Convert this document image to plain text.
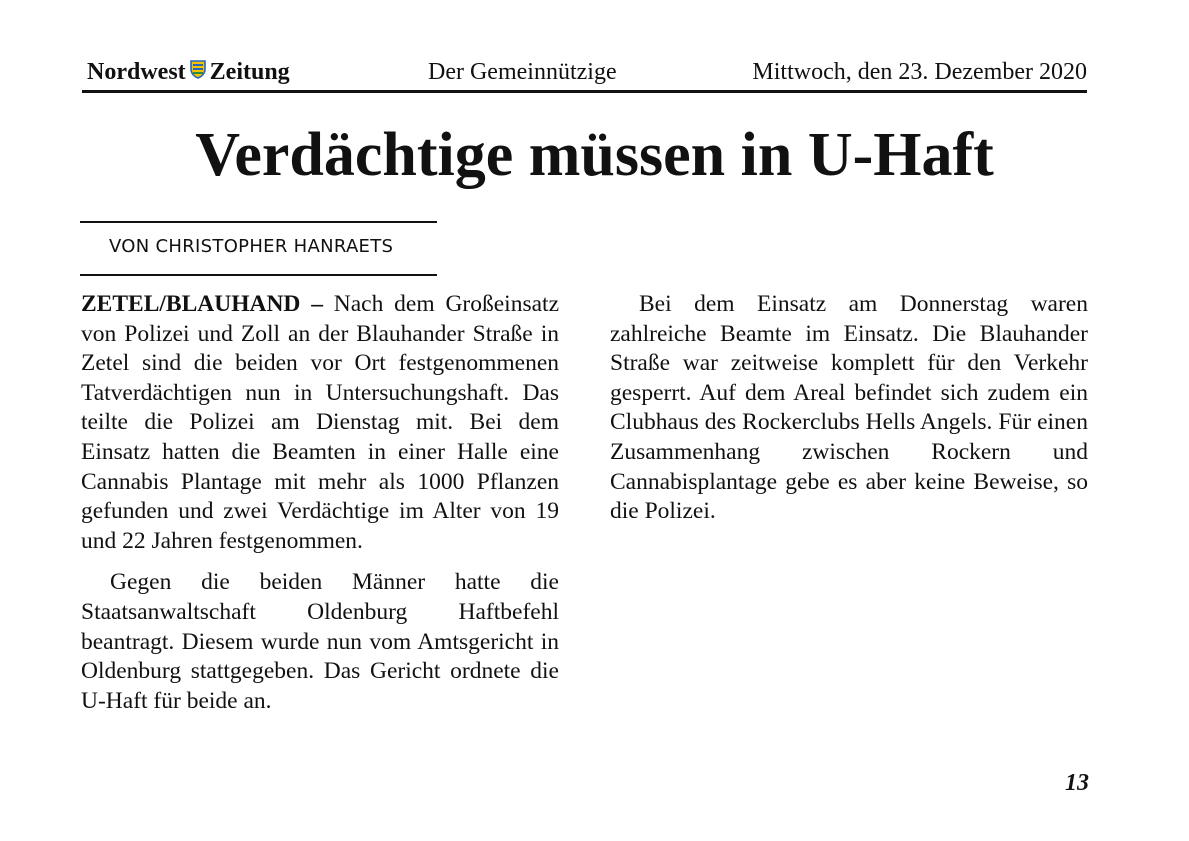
Nordwest Zeitung	Der Gemeinnützige	Mittwoch, den 23. Dezember 2020
Verdächtige müssen in U-Haft
VON CHRISTOPHER HANRAETS

ZETEL/BLAUHAND – Nach dem Großeinsatz von Polizei und Zoll an der Blauhander Straße in Zetel sind die beiden vor Ort festgenommenen Tatverdächtigen nun in Untersuchungshaft. Das teilte die Polizei am Dienstag mit. Bei dem Einsatz hatten die Beamten in einer Halle eine Cannabis Plantage mit mehr als 1000 Pflanzen gefunden und zwei Verdächtige im Alter von 19 und 22 Jahren festgenommen.

Gegen die beiden Männer hatte die Staatsanwaltschaft Oldenburg Haftbefehl beantragt. Diesem wurde nun vom Amtsgericht in Oldenburg stattgegeben. Das Gericht ordnete die U-Haft für beide an.

Bei dem Einsatz am Donnerstag waren zahlreiche Beamte im Einsatz. Die Blauhander Straße war zeitweise komplett für den Verkehr gesperrt. Auf dem Areal befindet sich zudem ein Clubhaus des Rockerclubs Hells Angels. Für einen Zusammenhang zwischen Rockern und Cannabisplantage gebe es aber keine Beweise, so die Polizei.

13
